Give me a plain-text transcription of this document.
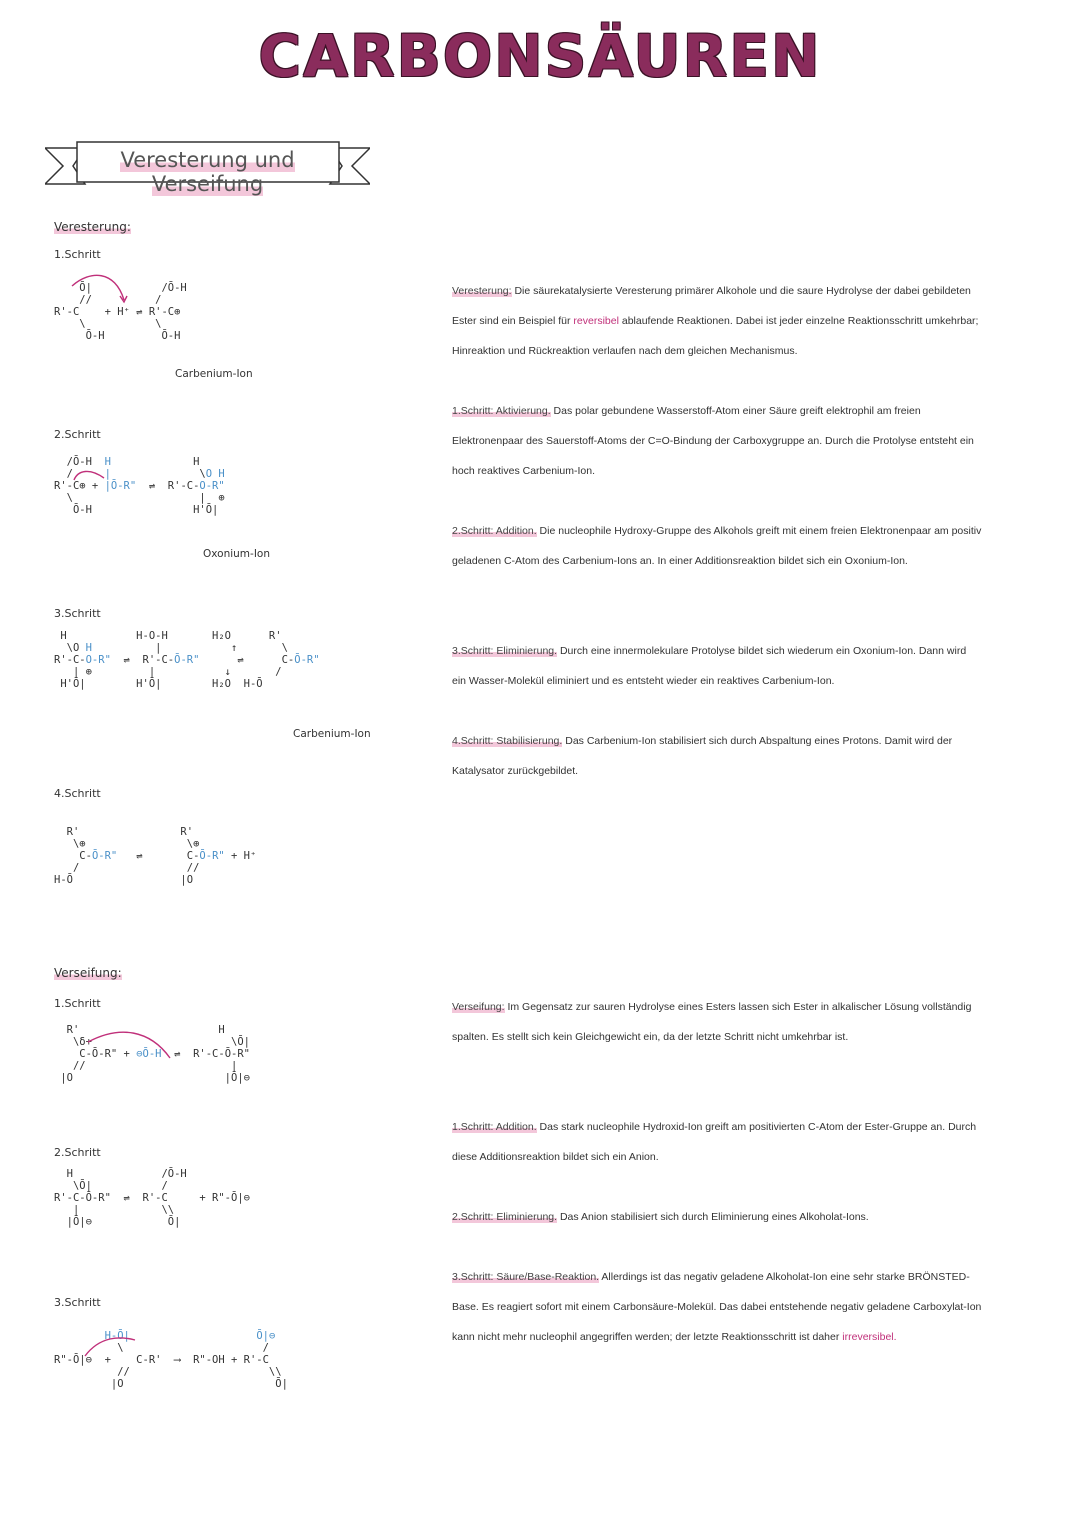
CARBONSÄUREN
Veresterung und Verseifung
Veresterung:
1.Schritt
2.Schritt
3.Schritt
4.Schritt
Ō|           /Ō-H
//          /
R'-C    + H⁺ ⇌ R'-C⊕
\           \
Ō-H         Ō-H
Carbenium-Ion
/Ō-H  H	H
/	|              \O H
R'-C⊕ + |Ō-R"  ⇌  R'-C-O-R"
\                    |  ⊕
Ō-H                H'Ō|
Oxonium-Ion
H           H-O-H       H₂O      R'
\O H	|           ↑       \
R'-C-O-R"  ⇌  R'-C-Ō-R"      ⇌      C-Ō-R"
| ⊕         |           ↓       /
H'Ō|        H'Ō|        H₂O  H-Ō
Carbenium-Ion
R'                R'
\⊕                \⊕
C-Ō-R"   ⇌       C-Ō-R" + H⁺
/                 //
H-Ō                 |O
Verseifung:
1.Schritt
2.Schritt
3.Schritt
R'                      H
\δ+                      \Ō|
C-Ō-R" + ⊖Ō-H  ⇌  R'-C-Ō-R"
//                       |
|O                        |Ō|⊖
H              /Ō-H
\Ō|           /
R'-C-Ō-R"  ⇌  R'-C     + R"-Ō|⊖
|             \\
|Ō|⊖            Ō|
H-Ō|	Ō|⊖
\                      /
R"-Ō|⊖  +    C-R'  ⟶  R"-OH + R'-C
//                      \\
|O                        Ō|
Veresterung: Die säurekatalysierte Veresterung primärer Alkohole und die saure Hydrolyse der dabei gebildeten Ester sind ein Beispiel für reversibel ablaufende Reaktionen. Dabei ist jeder einzelne Reaktionsschritt umkehrbar; Hinreaktion und Rückreaktion verlaufen nach dem gleichen Mechanismus.
1.Schritt: Aktivierung. Das polar gebundene Wasserstoff-Atom einer Säure greift elektrophil am freien Elektronenpaar des Sauerstoff-Atoms der C=O-Bindung der Carboxygruppe an. Durch die Protolyse entsteht ein hoch reaktives Carbenium-Ion.
2.Schritt: Addition. Die nucleophile Hydroxy-Gruppe des Alkohols greift mit einem freien Elektronenpaar am positiv geladenen C-Atom des Carbenium-Ions an. In einer Additionsreaktion bildet sich ein Oxonium-Ion.
3.Schritt: Eliminierung. Durch eine innermolekulare Protolyse bildet sich wiederum ein Oxonium-Ion. Dann wird ein Wasser-Molekül eliminiert und es entsteht wieder ein reaktives Carbenium-Ion.
4.Schritt: Stabilisierung. Das Carbenium-Ion stabilisiert sich durch Abspaltung eines Protons. Damit wird der Katalysator zurückgebildet.
Verseifung: Im Gegensatz zur sauren Hydrolyse eines Esters lassen sich Ester in alkalischer Lösung vollständig spalten. Es stellt sich kein Gleichgewicht ein, da der letzte Schritt nicht umkehrbar ist.
1.Schritt: Addition. Das stark nucleophile Hydroxid-Ion greift am positivierten C-Atom der Ester-Gruppe an. Durch diese Additionsreaktion bildet sich ein Anion.
2.Schritt: Eliminierung. Das Anion stabilisiert sich durch Eliminierung eines Alkoholat-Ions.
3.Schritt: Säure/Base-Reaktion. Allerdings ist das negativ geladene Alkoholat-Ion eine sehr starke BRÖNSTED-Base. Es reagiert sofort mit einem Carbonsäure-Molekül. Das dabei entstehende negativ geladene Carboxylat-Ion kann nicht mehr nucleophil angegriffen werden; der letzte Reaktionsschritt ist daher irreversibel.
